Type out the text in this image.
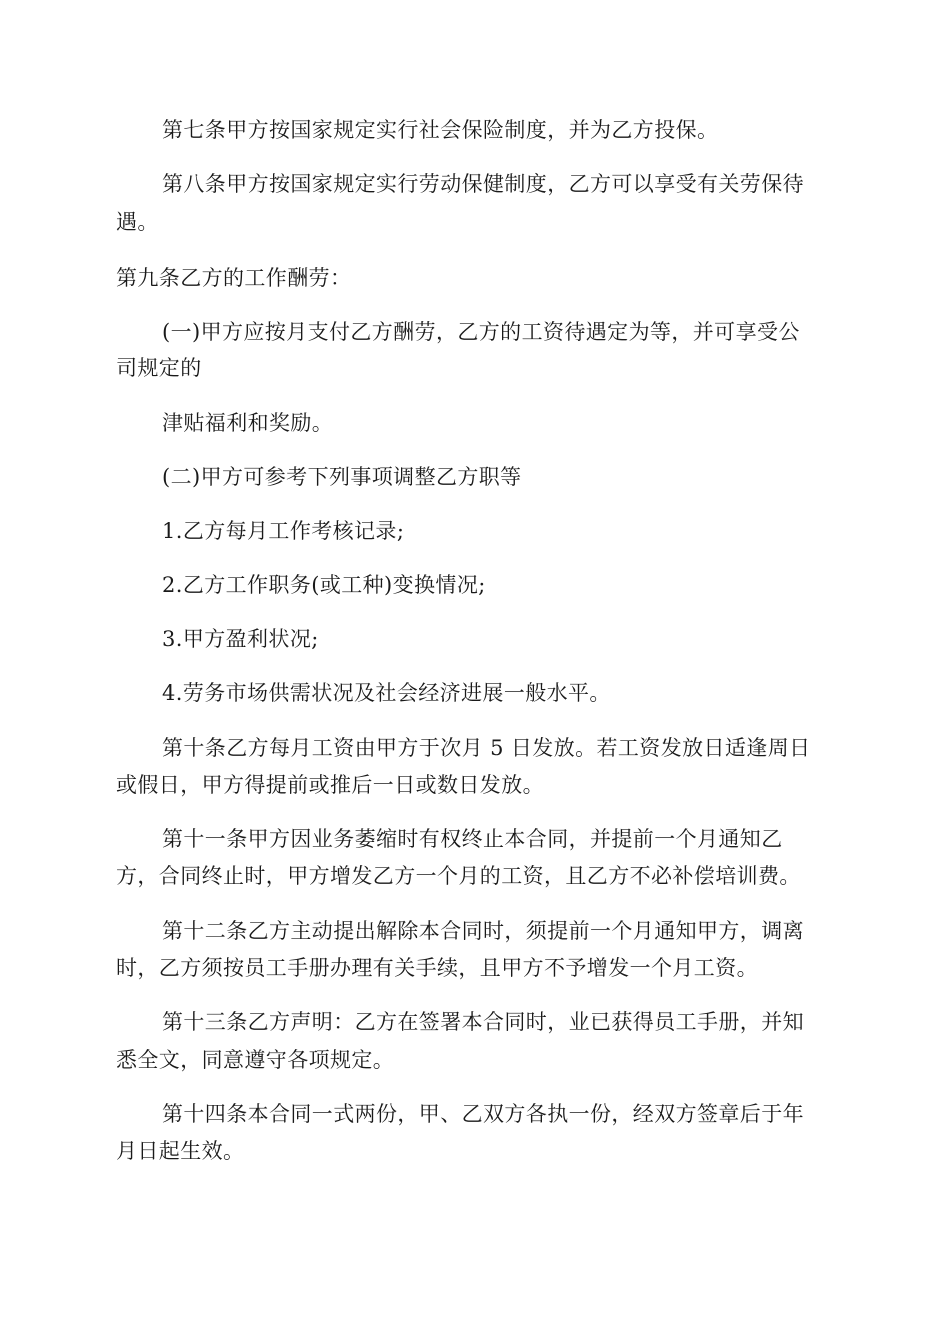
第七条甲方按国家规定实行社会保险制度，并为乙方投保。
第八条甲方按国家规定实行劳动保健制度，乙方可以享受有关劳保待
遇。
第九条乙方的工作酬劳：
(一)甲方应按月支付乙方酬劳，乙方的工资待遇定为等，并可享受公
司规定的
津贴福利和奖励。
(二)甲方可参考下列事项调整乙方职等
1.乙方每月工作考核记录;
2.乙方工作职务(或工种)变换情况;
3.甲方盈利状况;
4.劳务市场供需状况及社会经济进展一般水平。
第十条乙方每月工资由甲方于次月 5 日发放。若工资发放日适逢周日
或假日，甲方得提前或推后一日或数日发放。
第十一条甲方因业务萎缩时有权终止本合同，并提前一个月通知乙
方，合同终止时，甲方增发乙方一个月的工资，且乙方不必补偿培训费。
第十二条乙方主动提出解除本合同时，须提前一个月通知甲方，调离
时，乙方须按员工手册办理有关手续，且甲方不予增发一个月工资。
第十三条乙方声明：乙方在签署本合同时，业已获得员工手册，并知
悉全文，同意遵守各项规定。
第十四条本合同一式两份，甲、乙双方各执一份，经双方签章后于年
月日起生效。
